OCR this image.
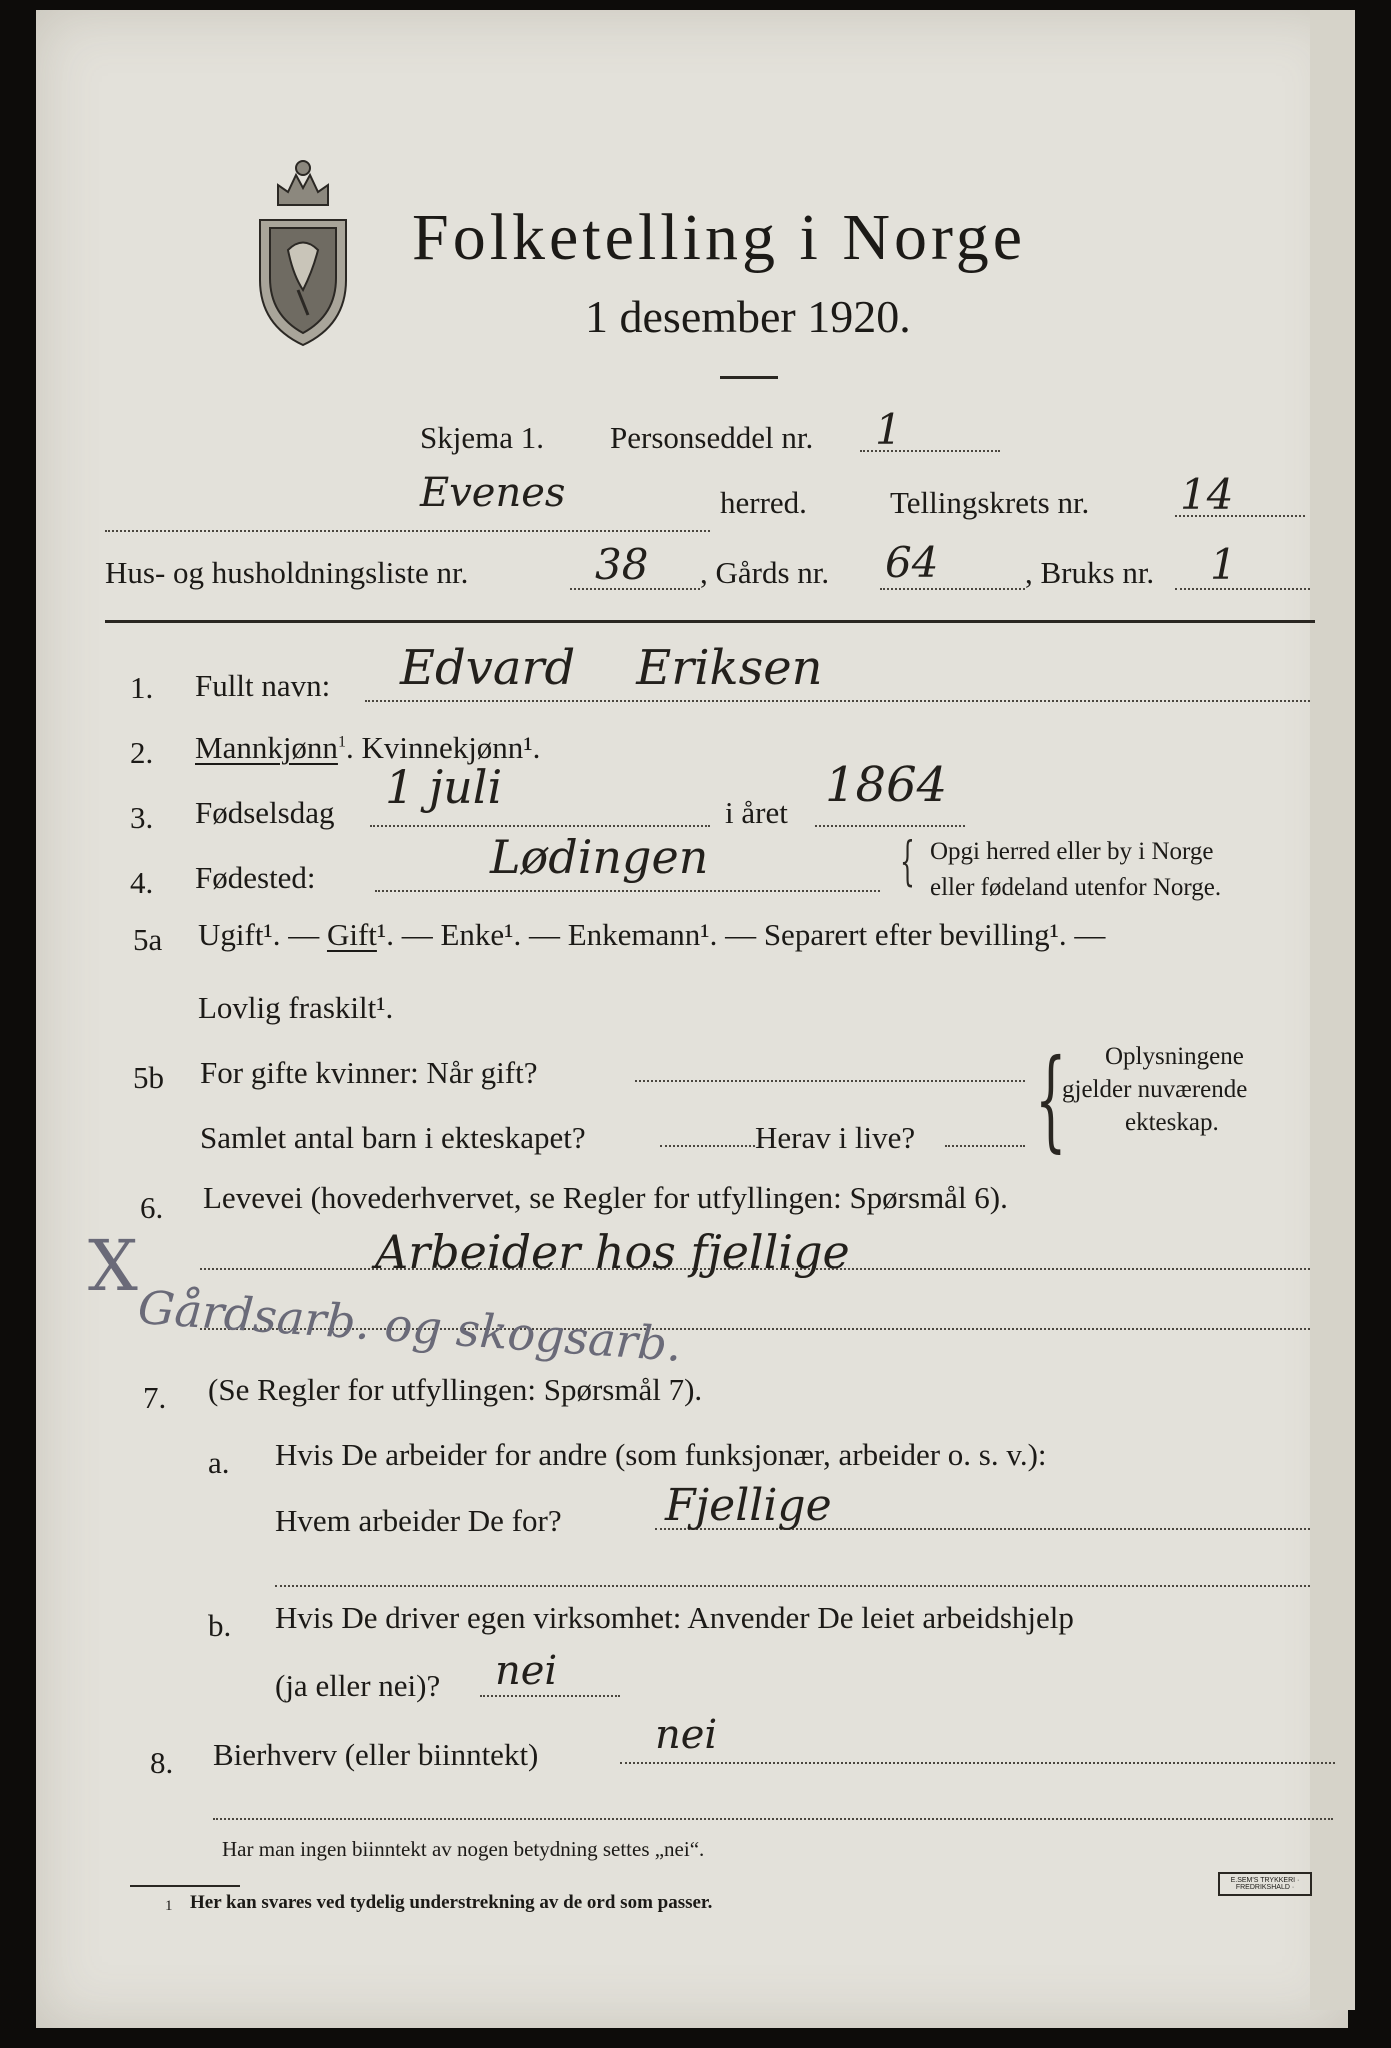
Folketelling i Norge
1 desember 1920.
Skjema 1. Personseddel nr. 1
Evenes	herred.	Tellingskrets nr. 14
Hus- og husholdningsliste nr.	38 , Gårds nr. 64	, Bruks nr. 1
1. Fullt navn: Edvard    Eriksen
2. Mannkjønn$^1$. Kvinnekjønn¹.
3. Fødselsdag 1 juli	i året 1864
4. Fødested:	Lødingen	{ Opgi herred eller by i Norge
eller fødeland utenfor Norge.
5a Ugift¹. — Gift¹. — Enke¹. — Enkemann¹. — Separert efter bevilling¹. —
Lovlig fraskilt¹.
5b For gifte kvinner: Når gift?
Samlet antal barn i ekteskapet?	Herav i live? { Oplysningene
gjelder nuværende
ekteskap.
6. Levevei (hovederhvervet, se Regler for utfyllingen: Spørsmål 6).
X	Arbeider hos fjellige
Gårdsarb. og skogsarb.
7. (Se Regler for utfyllingen: Spørsmål 7).
a. Hvis De arbeider for andre (som funksjonær, arbeider o. s. v.):
Hvem arbeider De for? Fjellige
b. Hvis De driver egen virksomhet: Anvender De leiet arbeidshjelp
(ja eller nei)? nei
8. Bierhverv (eller biinntekt)	nei
Har man ingen biinntekt av nogen betydning settes „nei“.
1 Her kan svares ved tydelig understrekning av de ord som passer.
E.SEM'S TRYKKERI · FREDRIKSHALD ·
